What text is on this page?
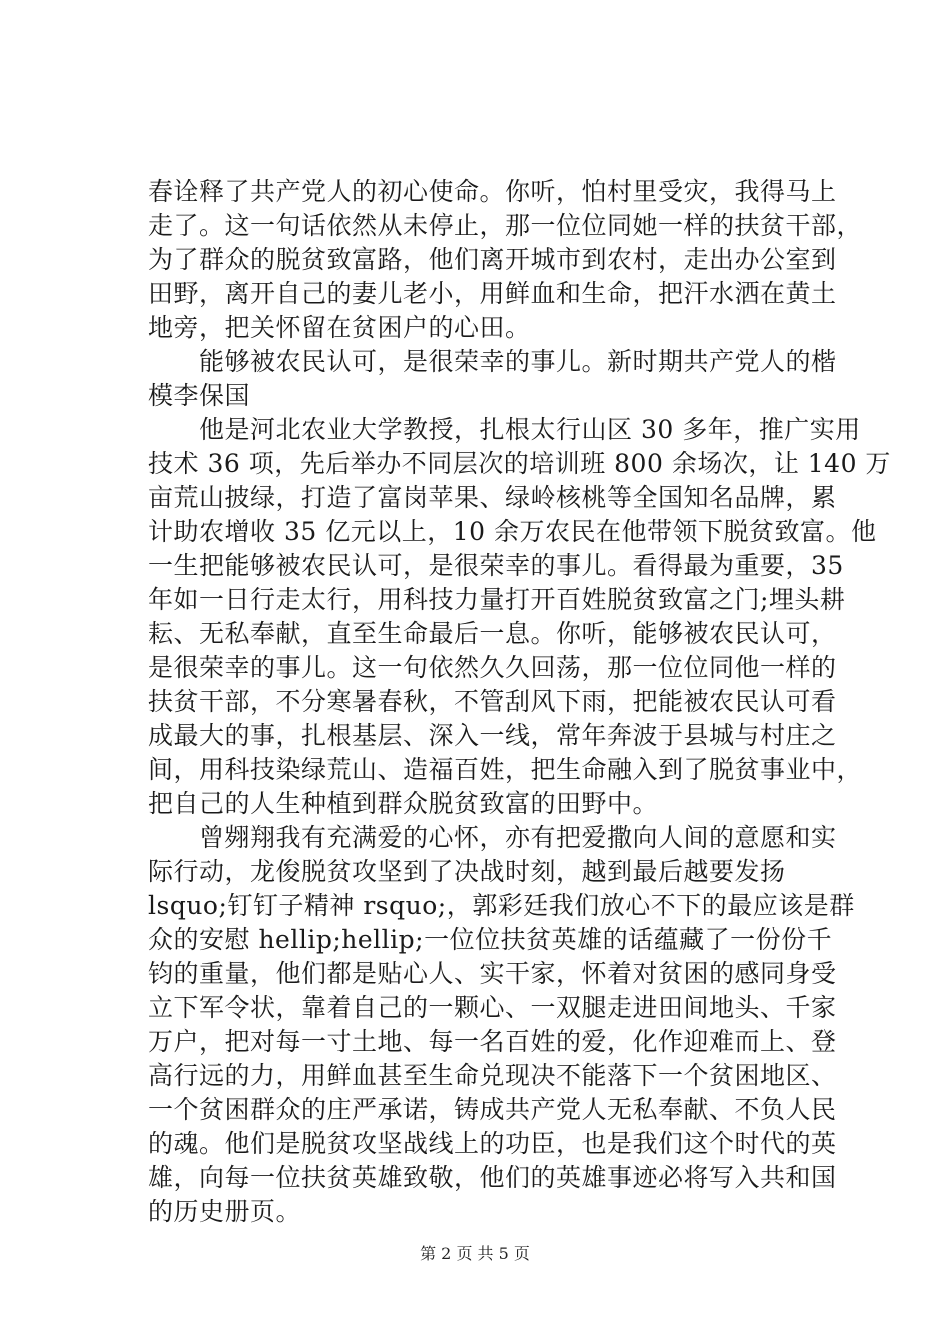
春诠释了共产党人的初心使命。你听，怕村里受灾，我得马上
走了。这一句话依然从未停止，那一位位同她一样的扶贫干部，
为了群众的脱贫致富路，他们离开城市到农村，走出办公室到
田野，离开自己的妻儿老小，用鲜血和生命，把汗水洒在黄土
地旁，把关怀留在贫困户的心田。
　　能够被农民认可，是很荣幸的事儿。新时期共产党人的楷
模李保国
　　他是河北农业大学教授，扎根太行山区 30 多年，推广实用
技术 36 项，先后举办不同层次的培训班 800 余场次，让 140 万
亩荒山披绿，打造了富岗苹果、绿岭核桃等全国知名品牌，累
计助农增收 35 亿元以上，10 余万农民在他带领下脱贫致富。他
一生把能够被农民认可，是很荣幸的事儿。看得最为重要，35
年如一日行走太行，用科技力量打开百姓脱贫致富之门;埋头耕
耘、无私奉献，直至生命最后一息。你听，能够被农民认可，
是很荣幸的事儿。这一句依然久久回荡，那一位位同他一样的
扶贫干部，不分寒暑春秋，不管刮风下雨，把能被农民认可看
成最大的事，扎根基层、深入一线，常年奔波于县城与村庄之
间，用科技染绿荒山、造福百姓，把生命融入到了脱贫事业中，
把自己的人生种植到群众脱贫致富的田野中。
　　曾翙翔我有充满爱的心怀，亦有把爱撒向人间的意愿和实
际行动，龙俊脱贫攻坚到了决战时刻，越到最后越要发扬
lsquo;钉钉子精神 rsquo;，郭彩廷我们放心不下的最应该是群
众的安慰 hellip;hellip;一位位扶贫英雄的话蕴藏了一份份千
钧的重量，他们都是贴心人、实干家，怀着对贫困的感同身受
立下军令状，靠着自己的一颗心、一双腿走进田间地头、千家
万户，把对每一寸土地、每一名百姓的爱，化作迎难而上、登
高行远的力，用鲜血甚至生命兑现决不能落下一个贫困地区、
一个贫困群众的庄严承诺，铸成共产党人无私奉献、不负人民
的魂。他们是脱贫攻坚战线上的功臣，也是我们这个时代的英
雄，向每一位扶贫英雄致敬，他们的英雄事迹必将写入共和国
的历史册页。
第 2 页 共 5 页
